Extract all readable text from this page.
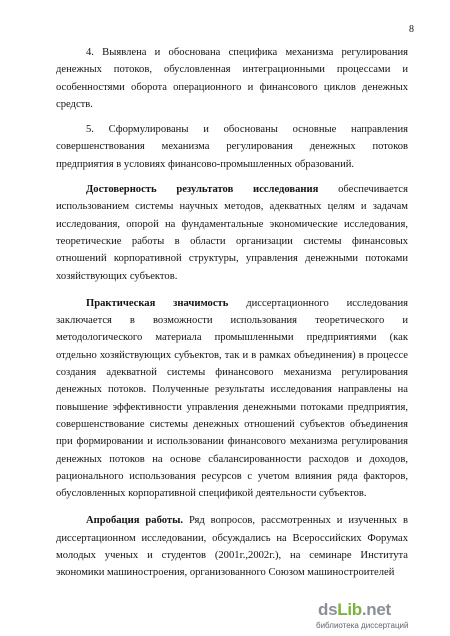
8

4. Выявлена и обоснована специфика механизма регулирования денежных потоков, обусловленная интеграционными процессами и особенностями оборота операционного и финансового циклов денежных средств.

5. Сформулированы и обоснованы основные направления совершенствования механизма регулирования денежных потоков предприятия в условиях финансово-промышленных образований.

Достоверность результатов исследования обеспечивается использованием системы научных методов, адекватных целям и задачам исследования, опорой на фундаментальные экономические исследования, теоретические работы в области организации системы финансовых отношений корпоративной структуры, управления денежными потоками хозяйствующих субъектов.

Практическая значимость диссертационного исследования заключается в возможности использования теоретического и методологического материала промышленными предприятиями (как отдельно хозяйствующих субъектов, так и в рамках объединения) в процессе создания адекватной системы финансового механизма регулирования денежных потоков. Полученные результаты исследования направлены на повышение эффективности управления денежными потоками предприятия, совершенствование системы денежных отношений субъектов объединения при формировании и использовании финансового механизма регулирования денежных потоков на основе сбалансированности расходов и доходов, рационального использования ресурсов с учетом влияния ряда факторов, обусловленных корпоративной спецификой деятельности субъектов.

Апробация работы. Ряд вопросов, рассмотренных и изученных в диссертационном исследовании, обсуждались на Всероссийских Форумах молодых ученых и студентов (2001г.,2002г.), на семинаре Института экономики машиностроения, организованного Союзом машиностроителей

dsLib.net
библиотека диссертаций
